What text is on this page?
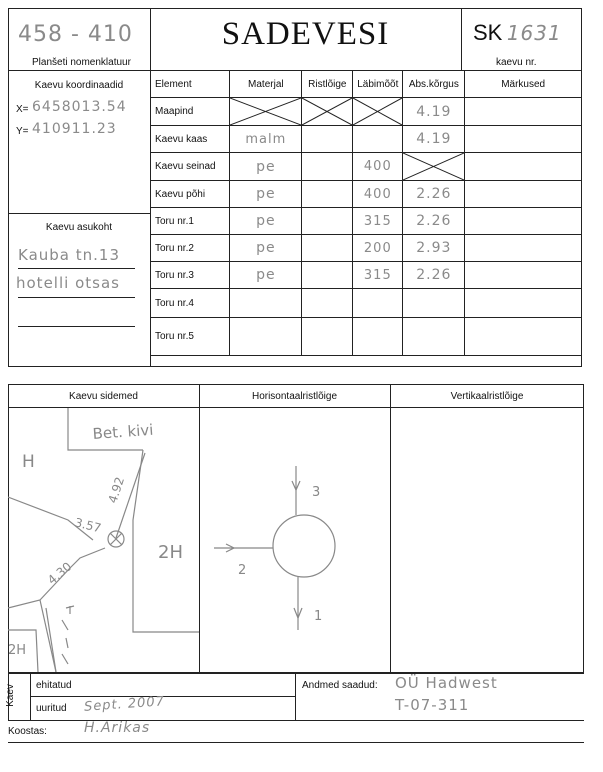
458 - 410
Planšeti nomenklatuur
SADEVESI	SK 1631
kaevu nr.
Kaevu koordinaadid
X= 6458013.54
Y= 410911.23
Kaevu asukoht
Kauba tn.13
hotelli otsas
Element	Materjal	Ristlõige	Läbimõõt	Abs.kõrgus	Märkused
Maapind				4.19	
Kaevu kaas	malm			4.19	
Kaevu seinad	pe		400	

Kaevu põhi	pe		400	2.26	
Toru nr.1	pe		315	2.26	
Toru nr.2	pe		200	2.93	
Toru nr.3	pe		315	2.26	
Toru nr.4					
Toru nr.5					
Kaevu sidemed	Horisontaalristlõige	Vertikaalristlõige
H
Bet. kivi
4.92
3.57
4.30
2H
2H
3
2
1
Kaev ehitatud
uuritud Sept. 2007
Andmed saadud: OÜ Hadwest
T-07-311
Koostas:	H.Arikas
